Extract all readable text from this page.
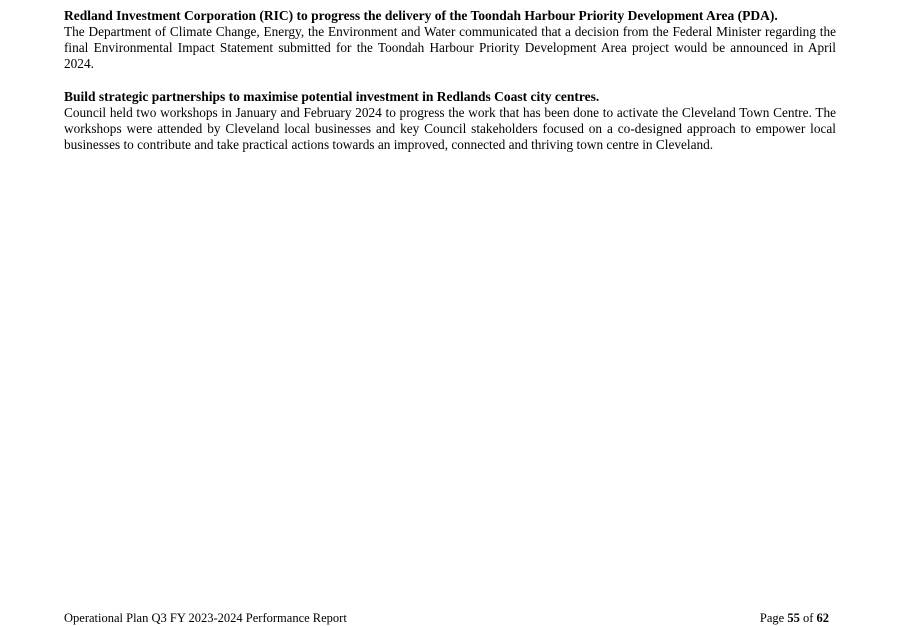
Redland Investment Corporation (RIC) to progress the delivery of the Toondah Harbour Priority Development Area (PDA).

The Department of Climate Change, Energy, the Environment and Water communicated that a decision from the Federal Minister regarding the final Environmental Impact Statement submitted for the Toondah Harbour Priority Development Area project would be announced in April 2024.

Build strategic partnerships to maximise potential investment in Redlands Coast city centres.

Council held two workshops in January and February 2024 to progress the work that has been done to activate the Cleveland Town Centre. The workshops were attended by Cleveland local businesses and key Council stakeholders focused on a co-designed approach to empower local businesses to contribute and take practical actions towards an improved, connected and thriving town centre in Cleveland.

Operational Plan Q3 FY 2023-2024 Performance Report	Page 55 of 62
